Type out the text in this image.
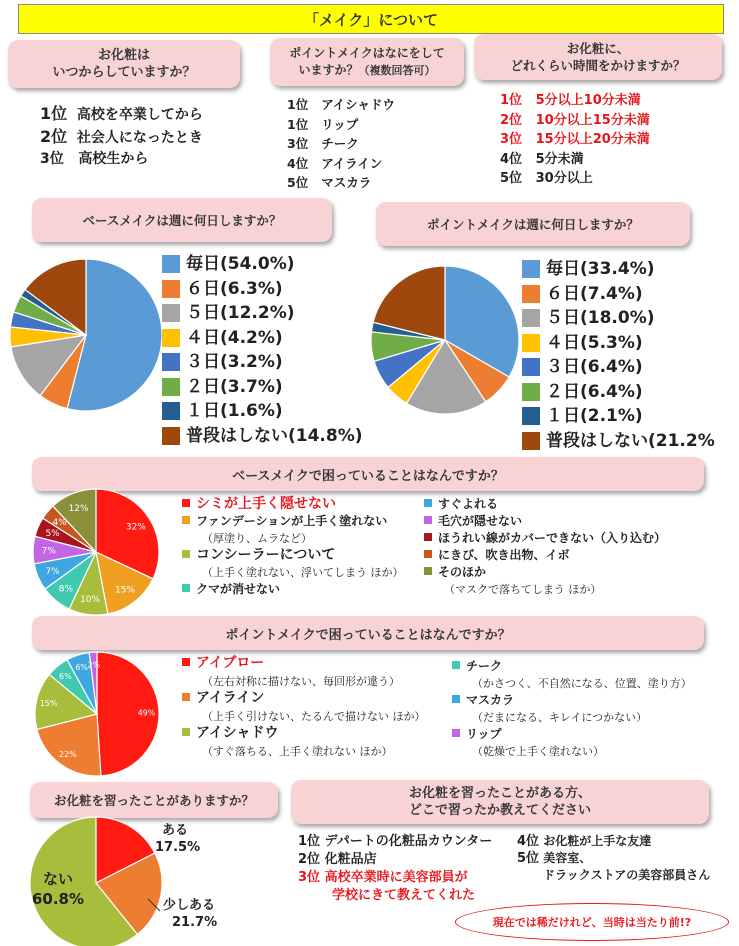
「メイク」について
お化粧は
いつからしていますか？
1位 高校を卒業してから
2位 社会人になったとき
3位 高校生から
ポイントメイクはなにをして
いますか？（複数回答可）
1位 アイシャドウ
1位 リップ
3位 チーク
4位 アイライン
5位 マスカラ
お化粧に、
どれくらい時間をかけますか？
1位 5分以上10分未満
2位 10分以上15分未満
3位 15分以上20分未満
4位 5分未満
5位 30分以上
ベースメイクは週に何日しますか？
毎日(54.0%)
６日(6.3%)
５日(12.2%)
４日(4.2%)
３日(3.2%)
２日(3.7%)
１日(1.6%)
普段はしない(14.8%)
ポイントメイクは週に何日しますか？
毎日(33.4%)
６日(7.4%)
５日(18.0%)
４日(5.3%)
３日(6.4%)
２日(6.4%)
１日(2.1%)
普段はしない(21.2%
ベースメイクで困っていることはなんですか？
32%
15%
10%
8%
7%
7%
5%
4%
12%	シミが上手く隠せない
ファンデーションが上手く塗れない
（厚塗り、ムラなど）
コンシーラーについて
（上手く塗れない、浮いてしまう ほか）
クマが消せない
すぐよれる
毛穴が隠せない
ほうれい線がカバーできない（入り込む）
にきび、吹き出物、イボ
そのほか
（マスクで落ちてしまう ほか）
ポイントメイクで困っていることはなんですか？
49%
22%
15%
6%
6% 2%	アイブロー
（左右対称に描けない、毎回形が違う）
アイライン
（上手く引けない、たるんで描けない ほか）
アイシャドウ
（すぐ落ちる、上手く塗れない ほか）
チーク
（かさつく、不自然になる、位置、塗り方）
マスカラ
（だまになる、キレイにつかない）
リップ
（乾燥で上手く塗れない）
お化粧を習ったことがありますか？
ある
17.5%
少しある
21.7%
ない
60.8%
お化粧を習ったことがある方、
どこで習ったか教えてください
1位 デパートの化粧品カウンター
2位 化粧品店
3位 高校卒業時に美容部員が
学校にきて教えてくれた
4位 お化粧が上手な友達
5位 美容室、
ドラックストアの美容部員さん
現在では稀だけれど、当時は当たり前!?
